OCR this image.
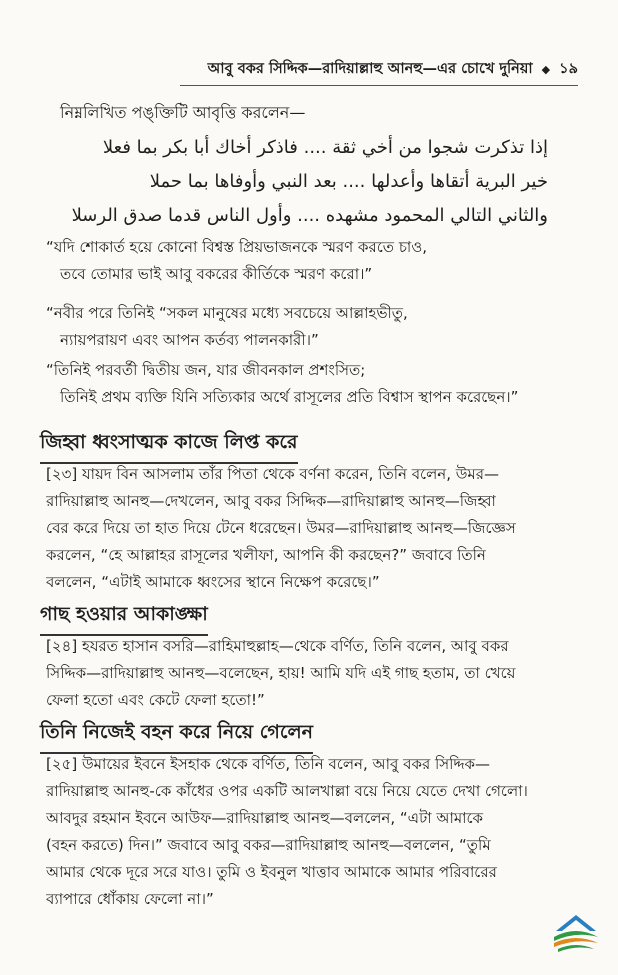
আবু বকর সিদ্দিক—রাদিয়াল্লাহু আনহু—এর চোখে দুনিয়া ◆ ১৯
নিম্নলিখিত পঙ্‌ক্তিটি আবৃত্তি করলেন—
إذا تذكرت شجوا من أخي ثقة .... فاذكر أخاك أبا بكر بما فعلا
خير البرية أتقاها وأعدلها .... بعد النبي وأوفاها بما حملا
والثاني التالي المحمود مشهده .... وأول الناس قدما صدق الرسلا
“যদি শোকার্ত হয়ে কোনো বিশ্বস্ত প্রিয়ভাজনকে স্মরণ করতে চাও,
তবে তোমার ভাই আবু বকরের কীর্তিকে স্মরণ করো।”
“নবীর পরে তিনিই “সকল মানুষের মধ্যে সবচেয়ে আল্লাহভীতু,
ন্যায়পরায়ণ এবং আপন কর্তব্য পালনকারী।”
“তিনিই পরবর্তী দ্বিতীয় জন, যার জীবনকাল প্রশংসিত;
তিনিই প্রথম ব্যক্তি যিনি সত্যিকার অর্থে রাসূলের প্রতি বিশ্বাস স্থাপন করেছেন।”
জিহ্বা ধ্বংসাত্মক কাজে লিপ্ত করে
[২৩] যায়দ বিন আসলাম তাঁর পিতা থেকে বর্ণনা করেন, তিনি বলেন, উমর—
রাদিয়াল্লাহু আনহু—দেখলেন, আবু বকর সিদ্দিক—রাদিয়াল্লাহু আনহু—জিহ্বা
বের করে দিয়ে তা হাত দিয়ে টেনে ধরেছেন। উমর—রাদিয়াল্লাহু আনহু—জিজ্ঞেস
করলেন, “হে আল্লাহর রাসূলের খলীফা, আপনি কী করছেন?” জবাবে তিনি
বললেন, “এটাই আমাকে ধ্বংসের স্থানে নিক্ষেপ করেছে।”
গাছ হওয়ার আকাঙ্ক্ষা
[২৪] হযরত হাসান বসরি—রাহিমাহুল্লাহ—থেকে বর্ণিত, তিনি বলেন, আবু বকর
সিদ্দিক—রাদিয়াল্লাহু আনহু—বলেছেন, হায়! আমি যদি এই গাছ হতাম, তা খেয়ে
ফেলা হতো এবং কেটে ফেলা হতো!”
তিনি নিজেই বহন করে নিয়ে গেলেন
[২৫] উমায়ের ইবনে ইসহাক থেকে বর্ণিত, তিনি বলেন, আবু বকর সিদ্দিক—
রাদিয়াল্লাহু আনহু-কে কাঁধের ওপর একটি আলখাল্লা বয়ে নিয়ে যেতে দেখা গেলো।
আবদুর রহমান ইবনে আউফ—রাদিয়াল্লাহু আনহু—বললেন, “এটা আমাকে
(বহন করতে) দিন।” জবাবে আবু বকর—রাদিয়াল্লাহু আনহু—বললেন, “তুমি
আমার থেকে দূরে সরে যাও। তুমি ও ইবনুল খাত্তাব আমাকে আমার পরিবারের
ব্যাপারে ধোঁকায় ফেলো না।”
